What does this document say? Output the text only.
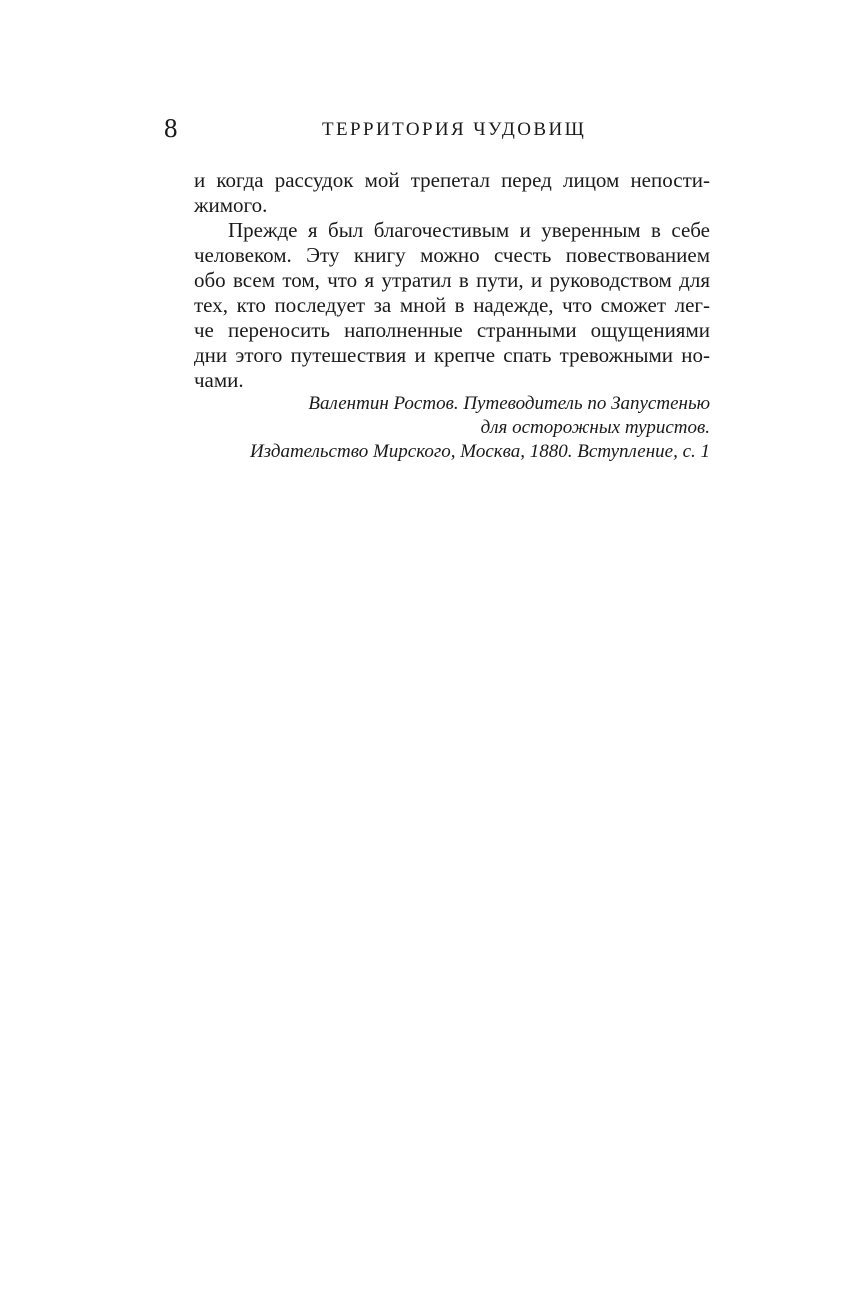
8	ТЕРРИТОРИЯ ЧУДОВИЩ

и когда рассудок мой трепетал перед лицом непости-
жимого.
Прежде я был благочестивым и уверенным в себе
человеком. Эту книгу можно счесть повествованием
обо всем том, что я утратил в пути, и руководством для
тех, кто последует за мной в надежде, что сможет лег-
че переносить наполненные странными ощущениями
дни этого путешествия и крепче спать тревожными но-
чами.
Валентин Ростов. Путеводитель по Запустенью
для осторожных туристов.
Издательство Мирского, Москва, 1880. Вступление, с. 1
